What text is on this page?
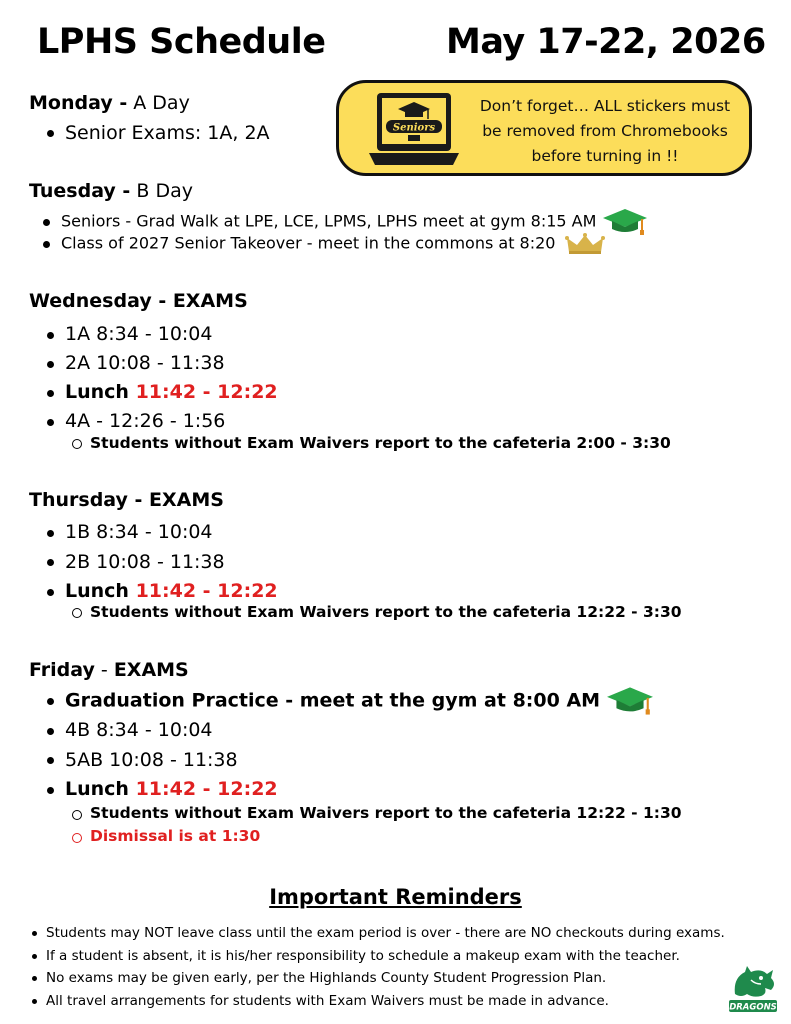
LPHS Schedule	May 17-22, 2026
Seniors
Don’t forget… ALL stickers must
be removed from Chromebooks
before turning in !!
Monday - A Day
Senior Exams: 1A, 2A
Tuesday - B Day
Seniors - Grad Walk at LPE, LCE, LPMS, LPHS meet at gym 8:15 AM
Class of 2027 Senior Takeover - meet in the commons at 8:20
Wednesday - EXAMS
1A 8:34 - 10:04
2A 10:08 - 11:38
Lunch 11:42 - 12:22
4A - 12:26 - 1:56
Students without Exam Waivers report to the cafeteria 2:00 - 3:30
Thursday - EXAMS
1B 8:34 - 10:04
2B 10:08 - 11:38
Lunch 11:42 - 12:22
Students without Exam Waivers report to the cafeteria 12:22 - 3:30
Friday - EXAMS
Graduation Practice - meet at the gym at 8:00 AM
4B 8:34 - 10:04
5AB 10:08 - 11:38
Lunch 11:42 - 12:22
Students without Exam Waivers report to the cafeteria 12:22 - 1:30
Dismissal is at 1:30
Important Reminders
Students may NOT leave class until the exam period is over - there are NO checkouts during exams.
If a student is absent, it is his/her responsibility to schedule a makeup exam with the teacher.
No exams may be given early, per the Highlands County Student Progression Plan.
All travel arrangements for students with Exam Waivers must be made in advance.	DRAGONS
